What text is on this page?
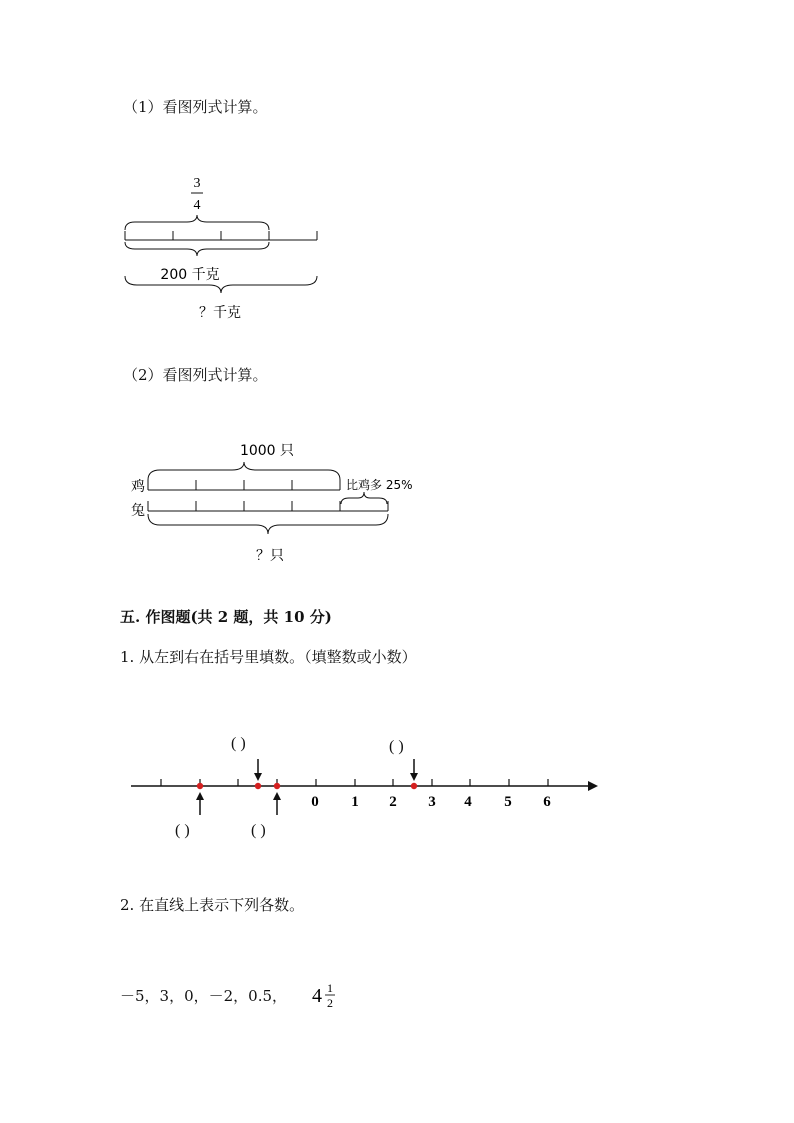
（1）看图列式计算。
3
4
200 千克
？千克
（2）看图列式计算。
1000 只
鸡
兔
比鸡多 25%
？只
五. 作图题(共 2 题，共 10 分)
1. 从左到右在括号里填数。（填整数或小数）
0 1 2 3 4 5 6
( )	( )
( )	( )
2. 在直线上表示下列各数。
－5，3，0，－2，0.5， 4 1
2
